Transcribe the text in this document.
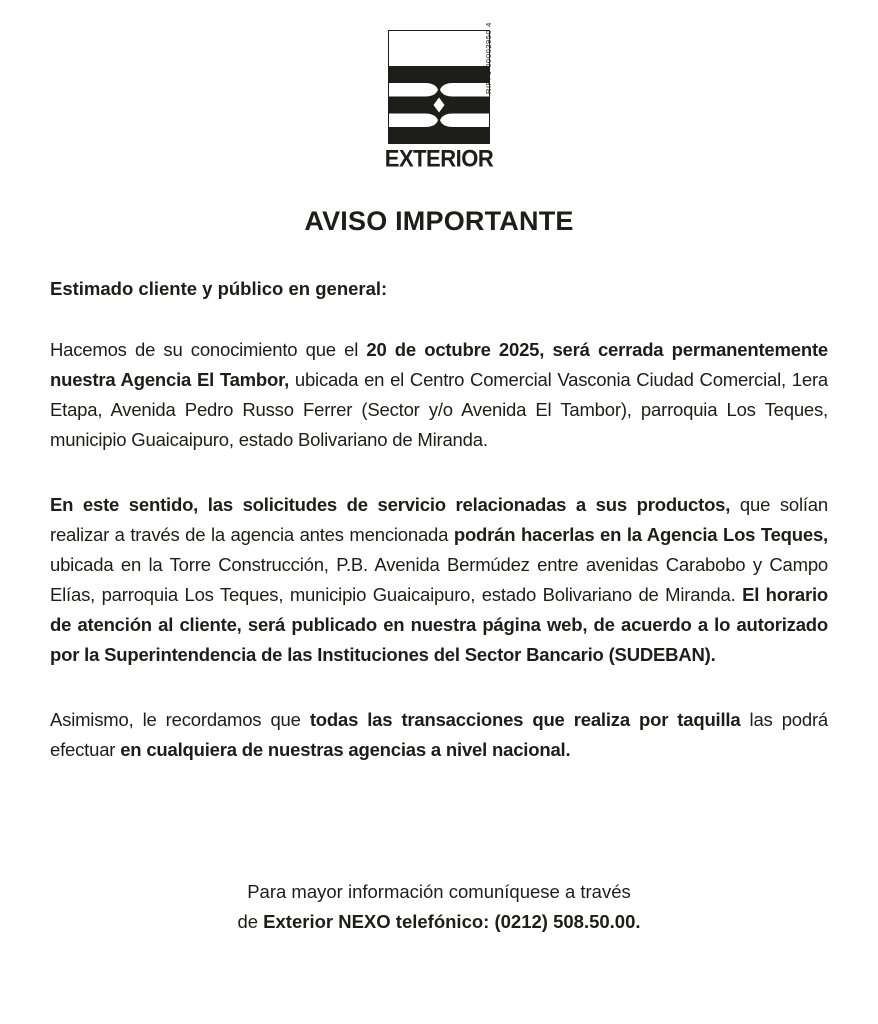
RIF: J 00002950 4
EXTERIOR
AVISO IMPORTANTE

Estimado cliente y público en general:

Hacemos de su conocimiento que el 20 de octubre 2025, será cerrada permanentemente nuestra Agencia El Tambor, ubicada en el Centro Comercial Vasconia Ciudad Comercial, 1era Etapa, Avenida Pedro Russo Ferrer (Sector y/o Avenida El Tambor), parroquia Los Teques, municipio Guaicaipuro, estado Bolivariano de Miranda.

En este sentido, las solicitudes de servicio relacionadas a sus productos, que solían realizar a través de la agencia antes mencionada podrán hacerlas en la Agencia Los Teques, ubicada en la Torre Construcción, P.B. Avenida Bermúdez entre avenidas Carabobo y Campo Elías, parroquia Los Teques, municipio Guaicaipuro, estado Bolivariano de Miranda. El horario de atención al cliente, será publicado en nuestra página web, de acuerdo a lo autorizado por la Superintendencia de las Instituciones del Sector Bancario (SUDEBAN).

Asimismo, le recordamos que todas las transacciones que realiza por taquilla las podrá efectuar en cualquiera de nuestras agencias a nivel nacional.

Para mayor información comuníquese a través

de Exterior NEXO telefónico: (0212) 508.50.00.
